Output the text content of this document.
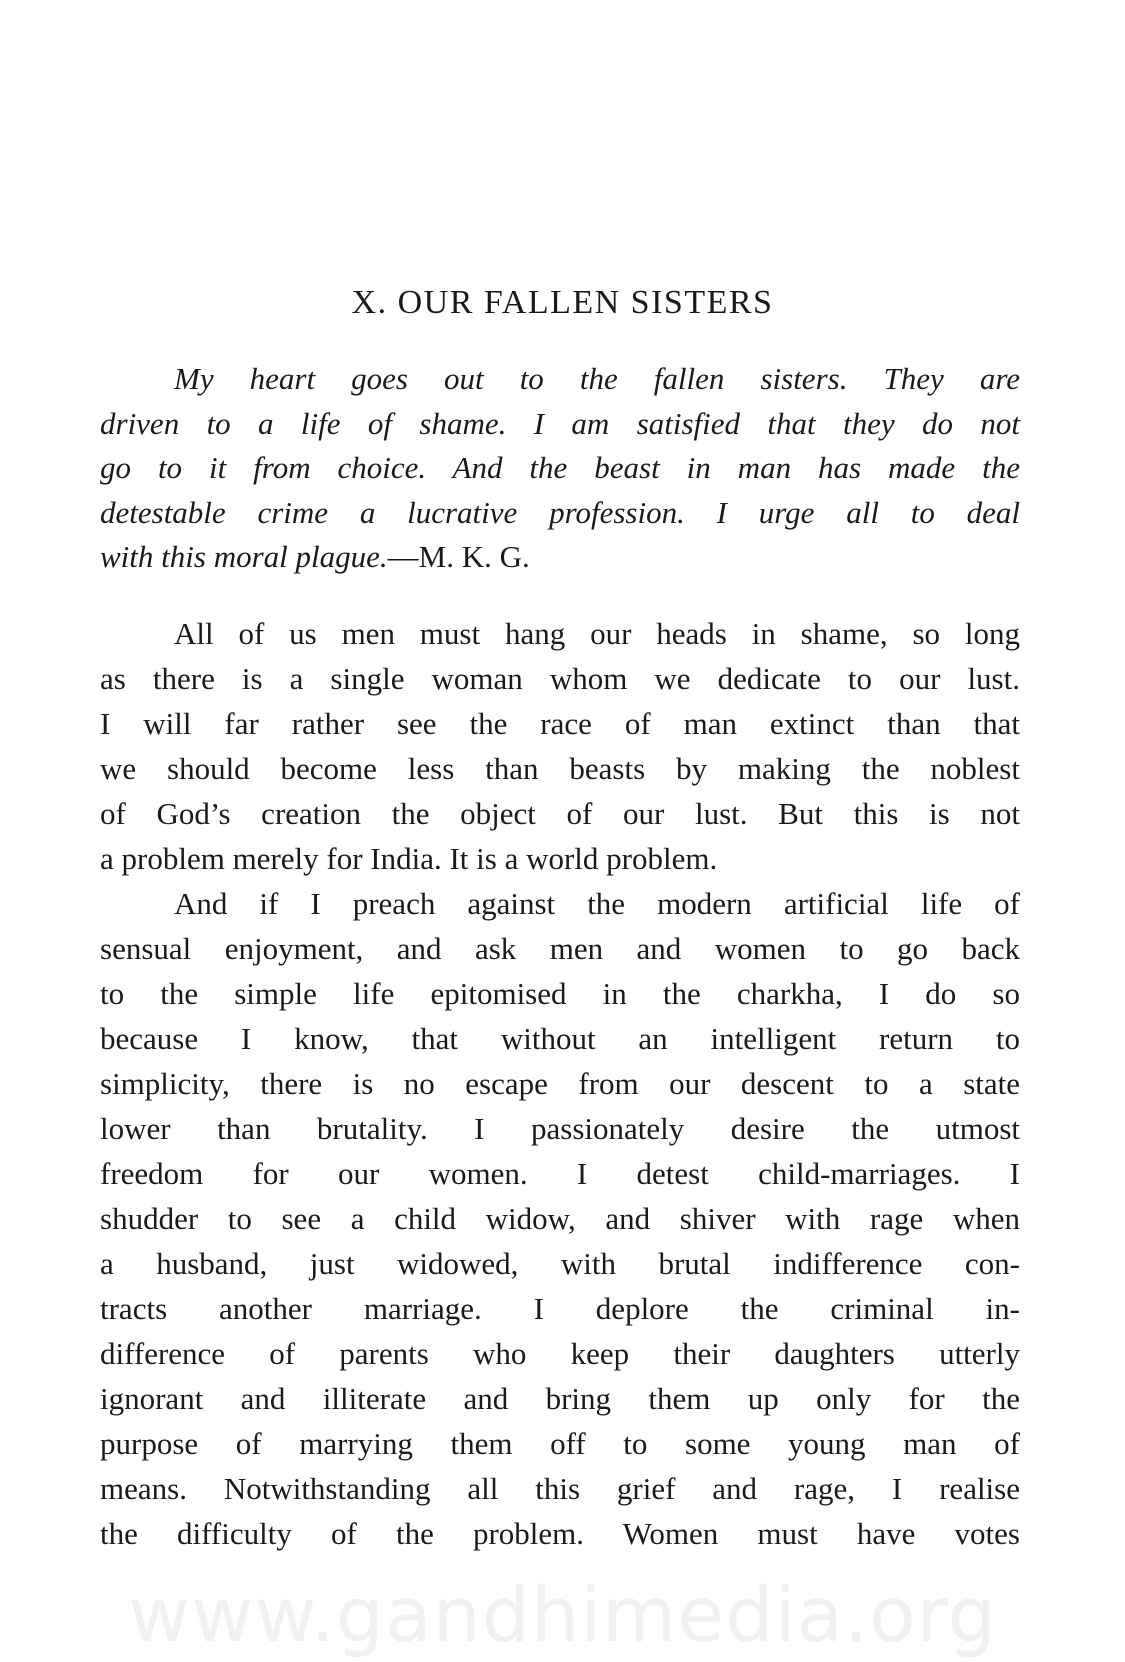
X. OUR FALLEN SISTERS
My heart goes out to the fallen sisters. They are
driven to a life of shame. I am satisfied that they do not
go to it from choice. And the beast in man has made the
detestable crime a lucrative profession. I urge all to deal
with this moral plague.—M. K. G.
All of us men must hang our heads in shame, so long
as there is a single woman whom we dedicate to our lust.
I will far rather see the race of man extinct than that
we should become less than beasts by making the noblest
of God’s creation the object of our lust. But this is not
a problem merely for India. It is a world problem.
And if I preach against the modern artificial life of
sensual enjoyment, and ask men and women to go back
to the simple life epitomised in the charkha, I do so
because I know, that without an intelligent return to
simplicity, there is no escape from our descent to a state
lower than brutality. I passionately desire the utmost
freedom for our women. I detest child-marriages. I
shudder to see a child widow, and shiver with rage when
a husband, just widowed, with brutal indifference con-
tracts another marriage. I deplore the criminal in-
difference of parents who keep their daughters utterly
ignorant and illiterate and bring them up only for the
purpose of marrying them off to some young man of
means. Notwithstanding all this grief and rage, I realise
the difficulty of the problem. Women must have votes
www.gandhimedia.org
